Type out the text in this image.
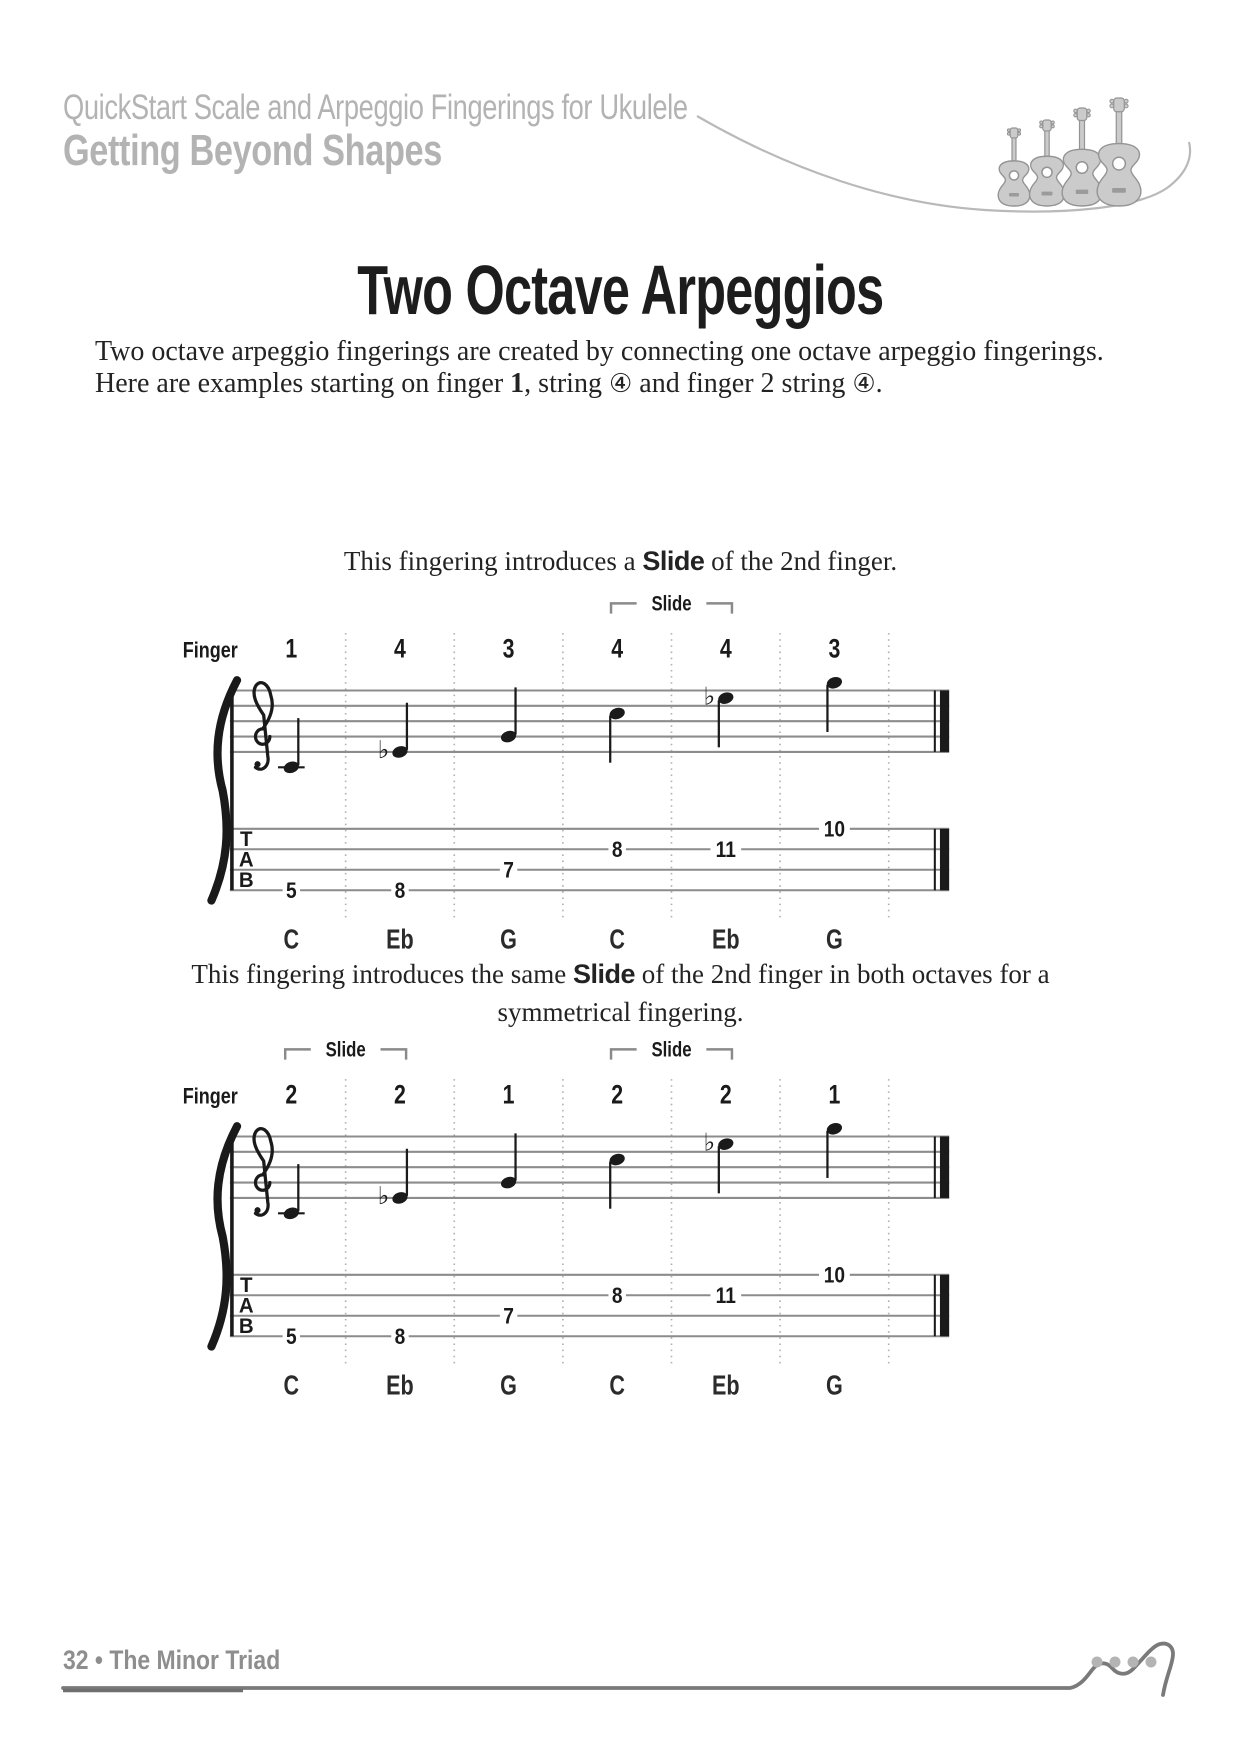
QuickStart Scale and Arpeggio Fingerings for Ukulele
Getting Beyond Shapes
Two Octave Arpeggios

Two octave arpeggio fingerings are created by connecting one octave arpeggio fingerings. Here are examples starting on finger 1, string ④ and finger 2 string ④.

This fingering introduces a Slide of the 2nd finger.

Slide
Finger 1	4	3	4	4	3
T
A
B
♭
♭
5	8
7
8	11
10
C	Eb	G	C	Eb	G

This fingering introduces the same Slide of the 2nd finger in both octaves for a symmetrical fingering.

Slide	Slide
Finger 2	2	1	2	2	1
T
A
B
♭
♭
5	8
7
8	11
10
C	Eb	G	C	Eb	G
32 • The Minor Triad
